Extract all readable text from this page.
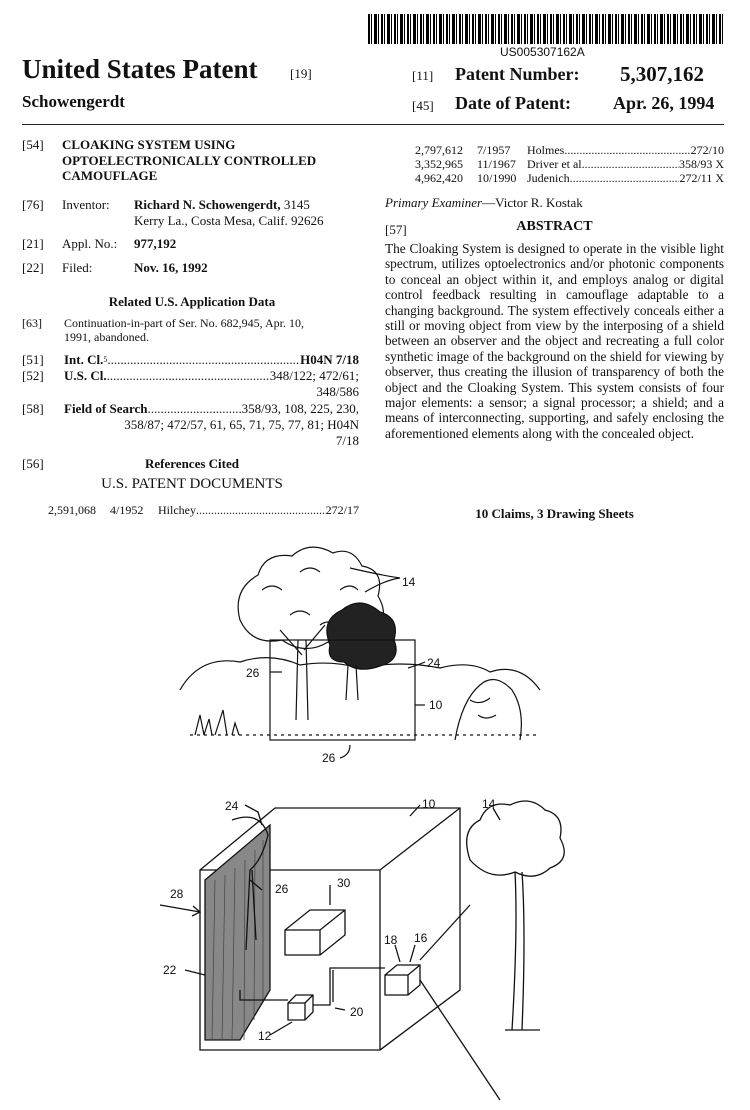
US005307162A
United States Patent	[19]
Schowengerdt
[11] Patent Number: 5,307,162
[45] Date of Patent: Apr. 26, 1994
[54] CLOAKING SYSTEM USING
OPTOELECTRONICALLY CONTROLLED
CAMOUFLAGE
[76] Inventor: Richard N. Schowengerdt, 3145
Kerry La., Costa Mesa, Calif. 92626
[21] Appl. No.: 977,192
[22] Filed:	Nov. 16, 1992
Related U.S. Application Data
[63] Continuation-in-part of Ser. No. 682,945, Apr. 10,
1991, abandoned.
[51] Int. Cl. 5 .....	H04N 7/18
[52] U.S. Cl. .....	348/122; 472/61;
348/586
[58] Field of Search .....	358/93, 108, 225, 230,
358/87; 472/57, 61, 65, 71, 75, 77, 81; H04N
7/18
[56]	References Cited
U.S. PATENT DOCUMENTS
2,591,068	4/1952	Hilchey .....	272/17
2,797,612	7/1957	Holmes .....	272/10
3,352,965	11/1967 Driver et al. .....	358/93 X
4,962,420	10/1990 Judenich .....	272/11 X
Primary Examiner—Victor R. Kostak
[57]	ABSTRACT
The Cloaking System is designed to operate in the visible light spectrum, utilizes optoelectronics and/or photonic components to conceal an object within it, and employs analog or digital control feedback resulting in camouflage adaptable to a changing background. The system effectively conceals either a still or moving object from view by the interposing of a shield between an observer and the object and recreating a full color synthetic image of the background on the shield for viewing by observer, thus creating the illusion of transparency of both the object and the Cloaking System. This system consists of four major elements: a sensor; a signal processor; a shield; and a means of interconnecting, supporting, and safely enclosing the aforementioned elements along with the concealed object.
10 Claims, 3 Drawing Sheets
14
24
26
10
26
24	10	14
26	30
28
18 16
22
12
20
